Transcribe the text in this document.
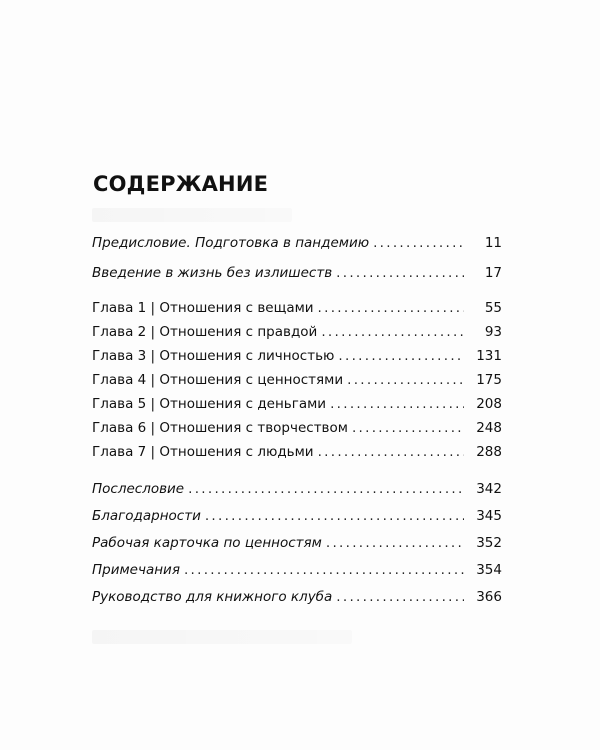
СОДЕРЖАНИЕ
Предисловие. Подготовка в пандемию . . .	11
Введение в жизнь без излишеств . . .	17
Глава 1 | Отношения с вещами . . .	55
Глава 2 | Отношения с правдой . . .	93
Глава 3 | Отношения с личностью . . .	131
Глава 4 | Отношения с ценностями . . .	175
Глава 5 | Отношения с деньгами . . .	208
Глава 6 | Отношения с творчеством . . .	248
Глава 7 | Отношения с людьми . . .	288
Послесловие . . .	342
Благодарности . . .	345
Рабочая карточка по ценностям . . .	352
Примечания . . .	354
Руководство для книжного клуба . . .	366
